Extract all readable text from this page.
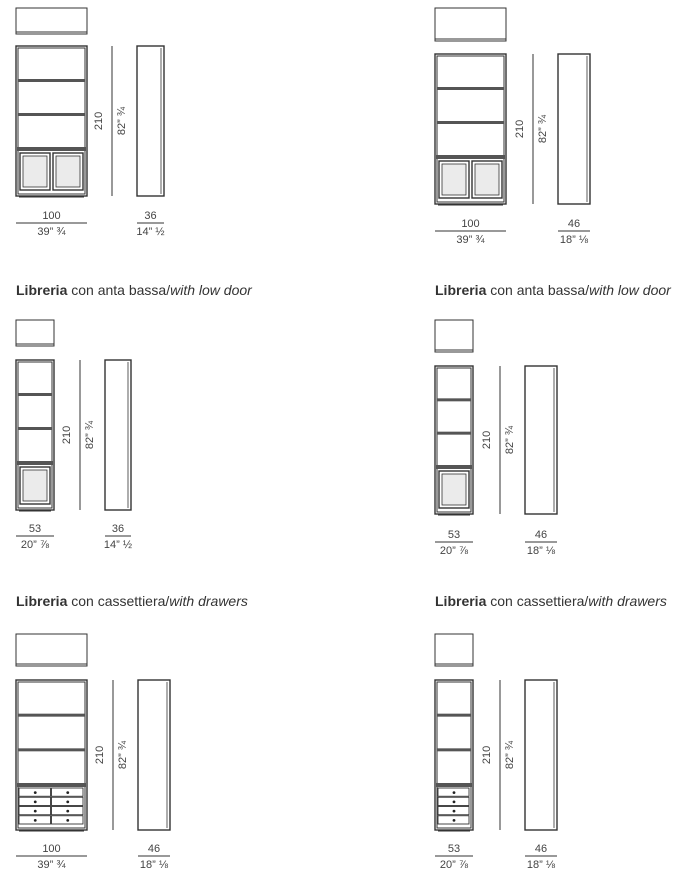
Libreria con anta bassa/with low door	Libreria con anta bassa/with low door
Libreria con cassettiera/with drawers	Libreria con cassettiera/with drawers
210 82” ¾
100
39” ¾
36
14” ½
210 82” ¾
100
39” ¾
46
18” ⅛
210 82” ¾
53
20” ⅞
36
14” ½
210 82” ¾
53
20” ⅞
46
18” ⅛
210 82” ¾
100
39” ¾
46
18” ⅛
210 82” ¾
53
20” ⅞
46
18” ⅛
